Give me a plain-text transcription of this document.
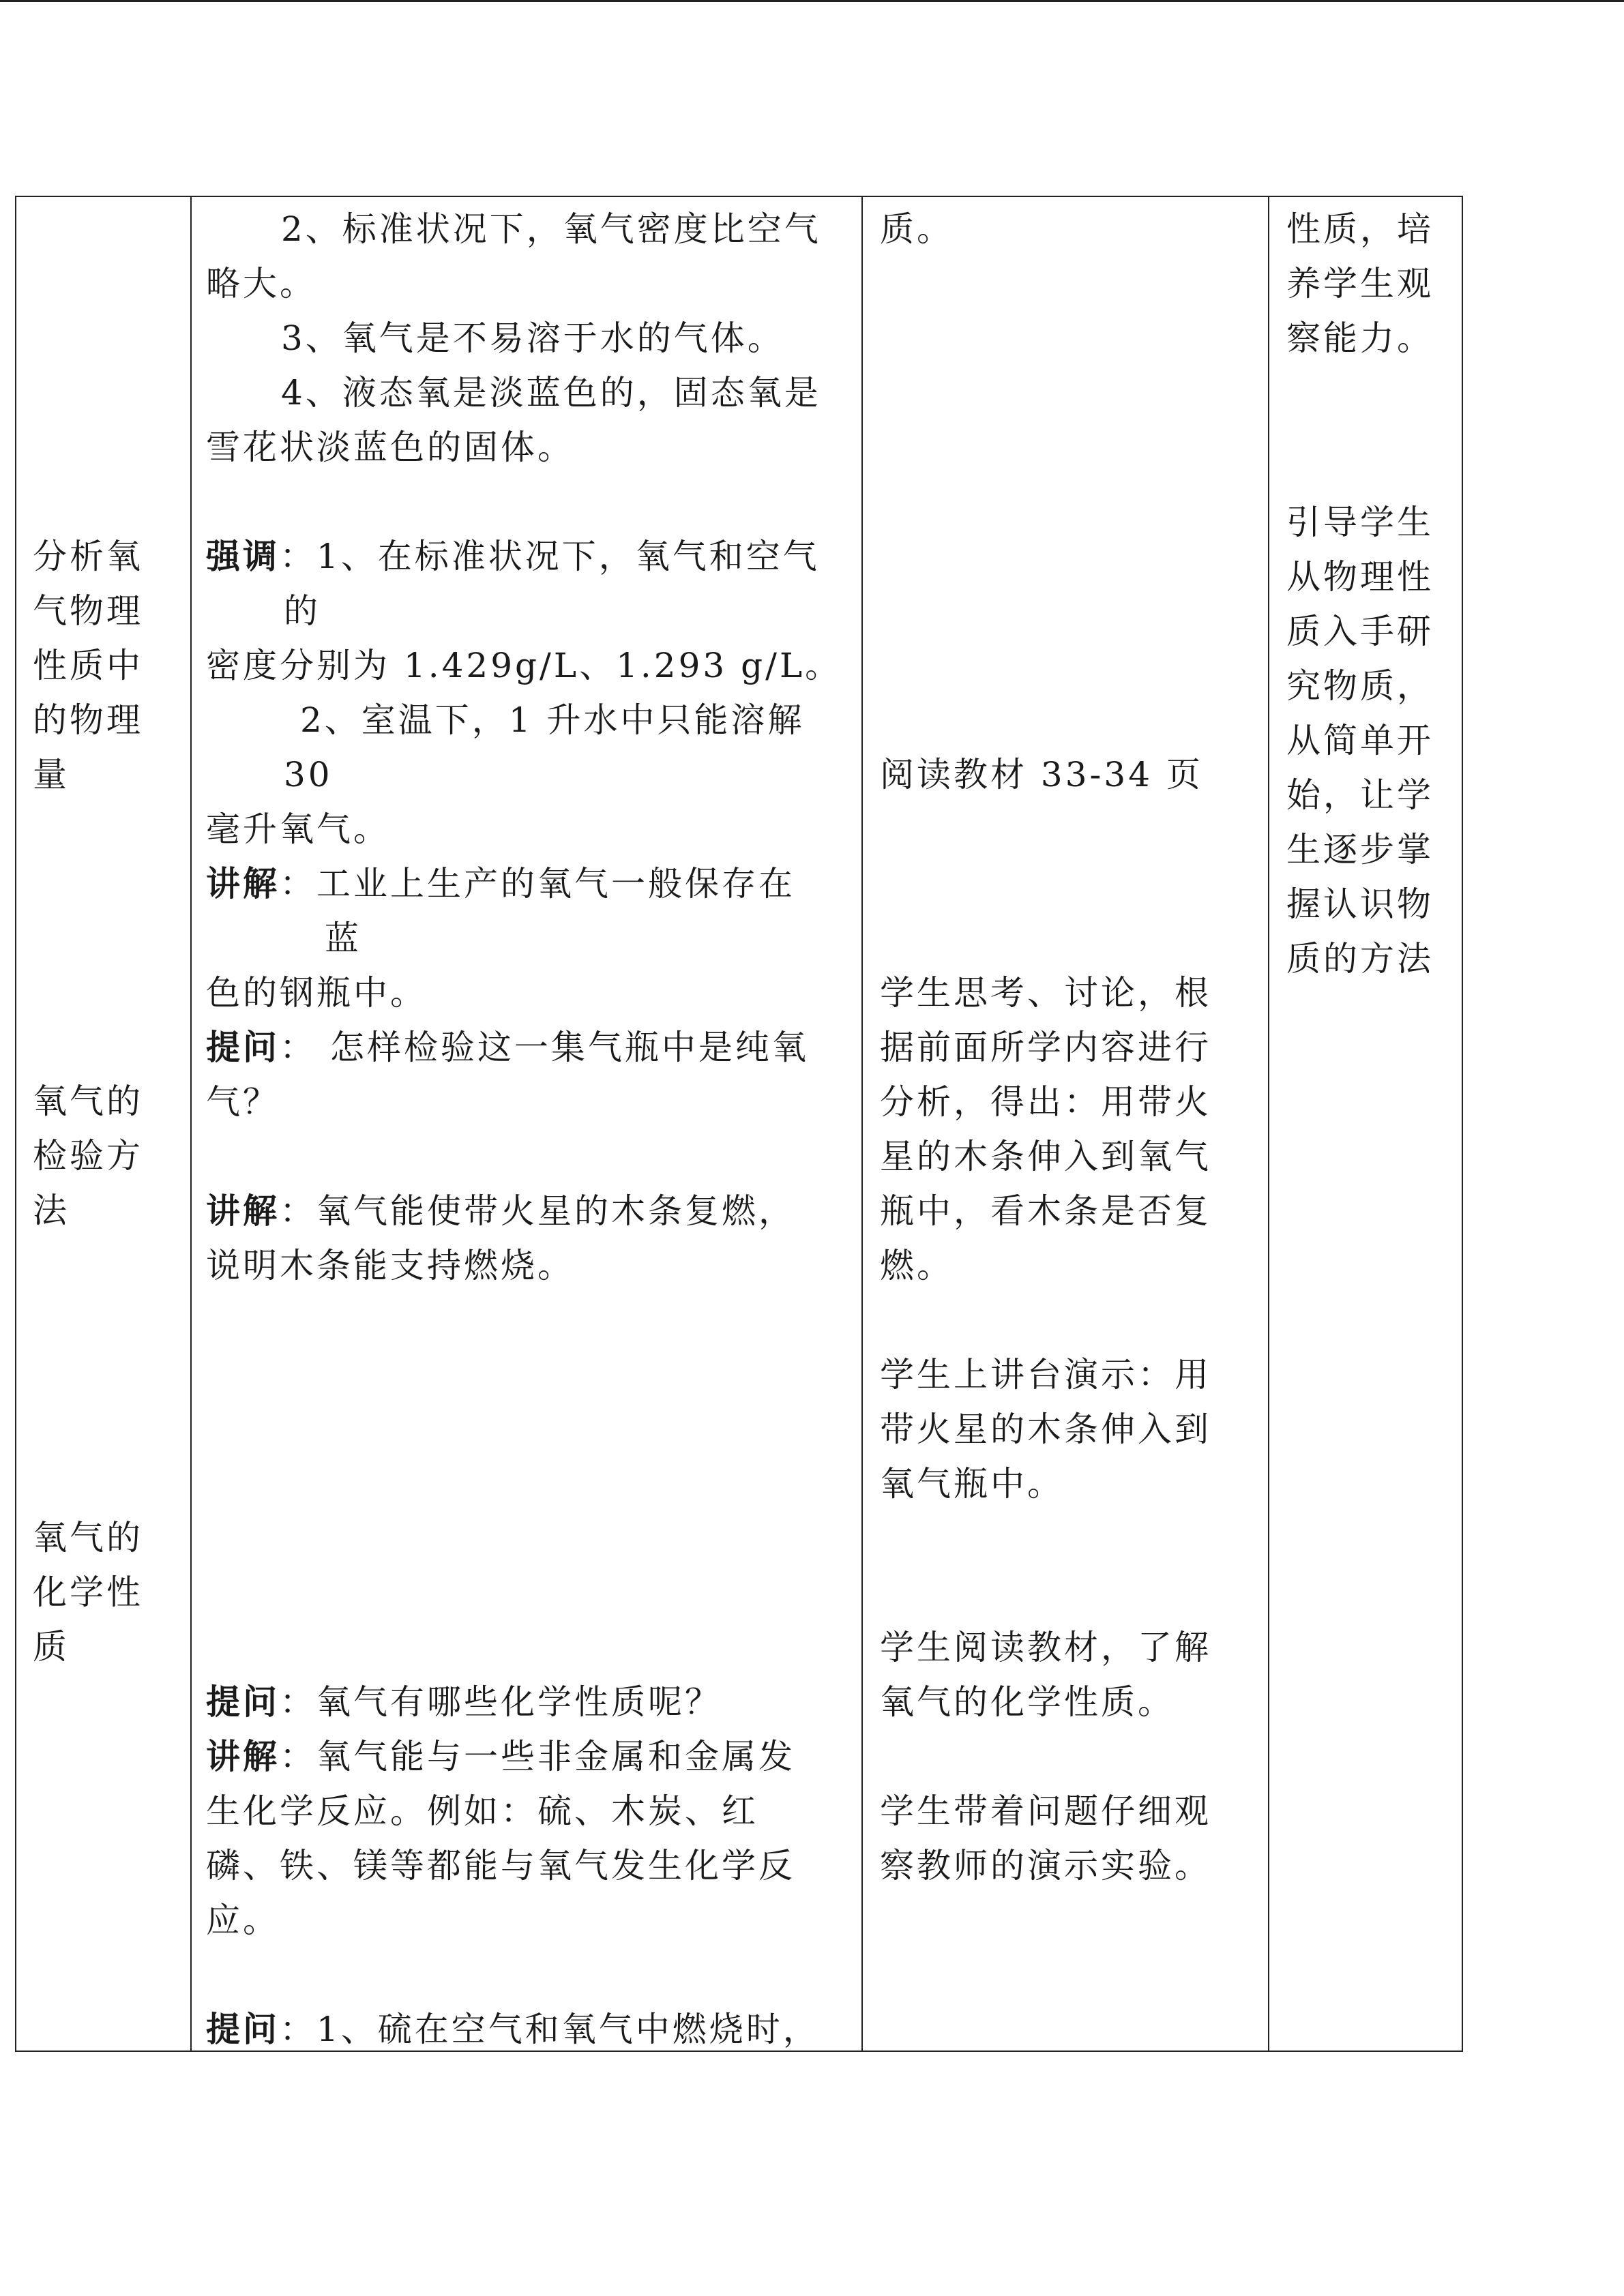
分析氧
气物理
性质中
的物理
量
氧气的
检验方
法
氧气的
化学性
质
2、标准状况下，氧气密度比空气
略大。
3、氧气是不易溶于水的气体。
4、液态氧是淡蓝色的，固态氧是
雪花状淡蓝色的固体。
强调：1、在标准状况下，氧气和空气
的
密度分别为 1.429g/L、1.293 g/L。
2、室温下，1 升水中只能溶解
30
毫升氧气。
讲解：工业上生产的氧气一般保存在
蓝
色的钢瓶中。
提问： 怎样检验这一集气瓶中是纯氧
气？
讲解：氧气能使带火星的木条复燃，
说明木条能支持燃烧。
提问：氧气有哪些化学性质呢？
讲解：氧气能与一些非金属和金属发
生化学反应。例如：硫、木炭、红
磷、铁、镁等都能与氧气发生化学反
应。
提问：1、硫在空气和氧气中燃烧时，
质。
阅读教材 33-34 页
学生思考、讨论，根
据前面所学内容进行
分析，得出：用带火
星的木条伸入到氧气
瓶中，看木条是否复
燃。
学生上讲台演示：用
带火星的木条伸入到
氧气瓶中。
学生阅读教材，了解
氧气的化学性质。
学生带着问题仔细观
察教师的演示实验。
性质，培
养学生观
察能力。
引导学生
从物理性
质入手研
究物质，
从简单开
始，让学
生逐步掌
握认识物
质的方法
